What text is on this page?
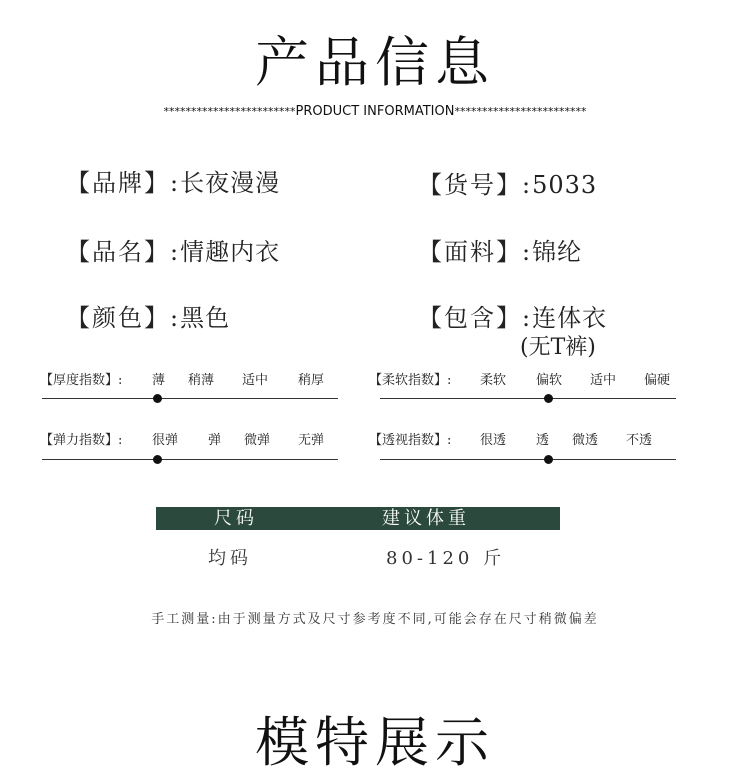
产品信息
************************PRODUCT INFORMATION************************
【品牌】:长夜漫漫	【货号】:5033
【品名】:情趣内衣	【面料】:锦纶
【颜色】:黑色	【包含】:连体衣
(无T裤)
【厚度指数】: 薄 稍薄 适中 稍厚	【柔软指数】: 柔软 偏软 适中 偏硬
【弹力指数】: 很弹 弹 微弹 无弹	【透视指数】: 很透 透 微透 不透
尺码	建议体重
均码	80-120 斤
手工测量:由于测量方式及尺寸参考度不同,可能会存在尺寸稍微偏差
模特展示
